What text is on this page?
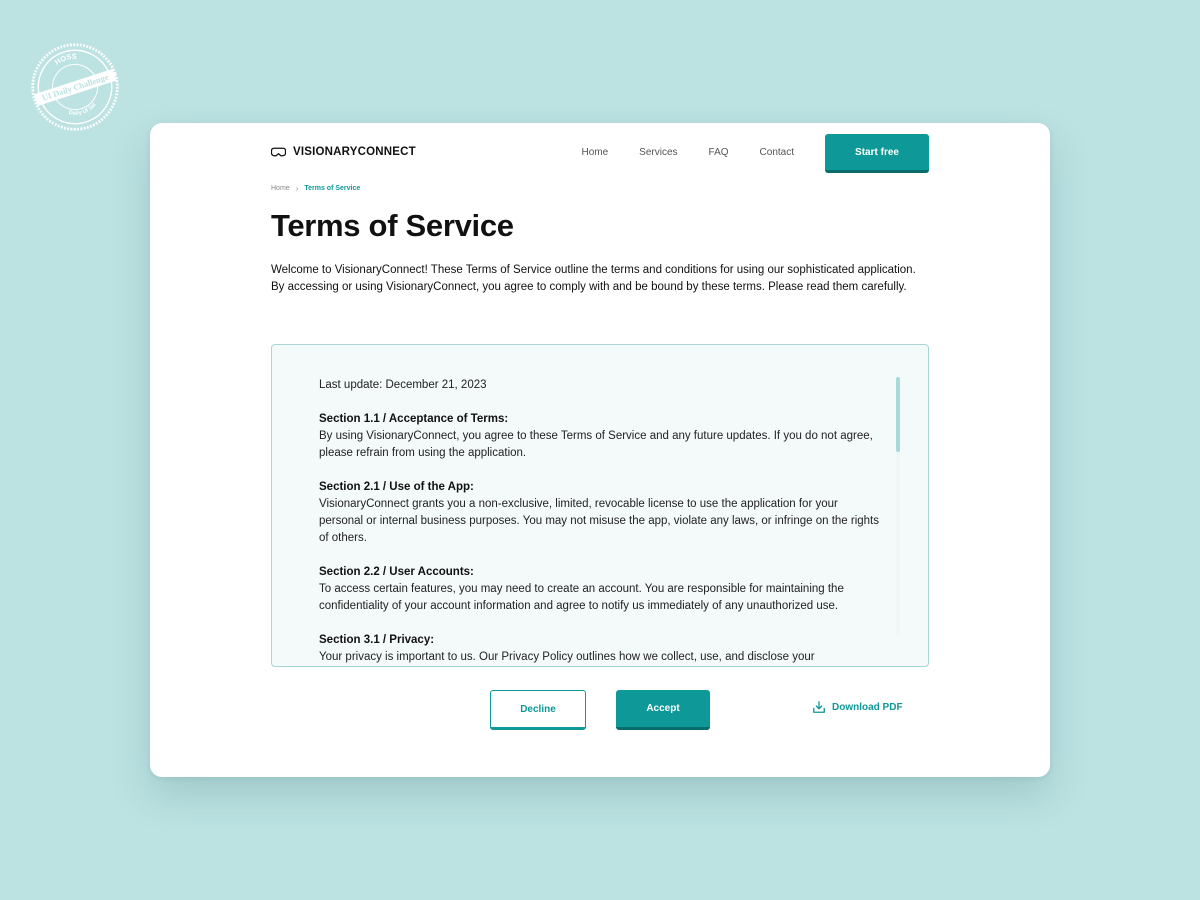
HOSS
UI Daily Challenge
Daily UI 1st
VISIONARYCONNECT	Home	Services	FAQ	Contact	Start free
Home › Terms of Service
Terms of Service

Welcome to VisionaryConnect! These Terms of Service outline the terms and conditions for using our sophisticated application. By accessing or using VisionaryConnect, you agree to comply with and be bound by these terms. Please read them carefully.

Last update: December 21, 2023
Section 1.1 / Acceptance of Terms:
By using VisionaryConnect, you agree to these Terms of Service and any future updates. If you do not agree, please refrain from using the application.
Section 2.1 / Use of the App:
VisionaryConnect grants you a non-exclusive, limited, revocable license to use the application for your personal or internal business purposes. You may not misuse the app, violate any laws, or infringe on the rights of others.
Section 2.2 / User Accounts:
To access certain features, you may need to create an account. You are responsible for maintaining the confidentiality of your account information and agree to notify us immediately of any unauthorized use.
Section 3.1 / Privacy:
Your privacy is important to us. Our Privacy Policy outlines how we collect, use, and disclose your
Decline	Accept	Download PDF
